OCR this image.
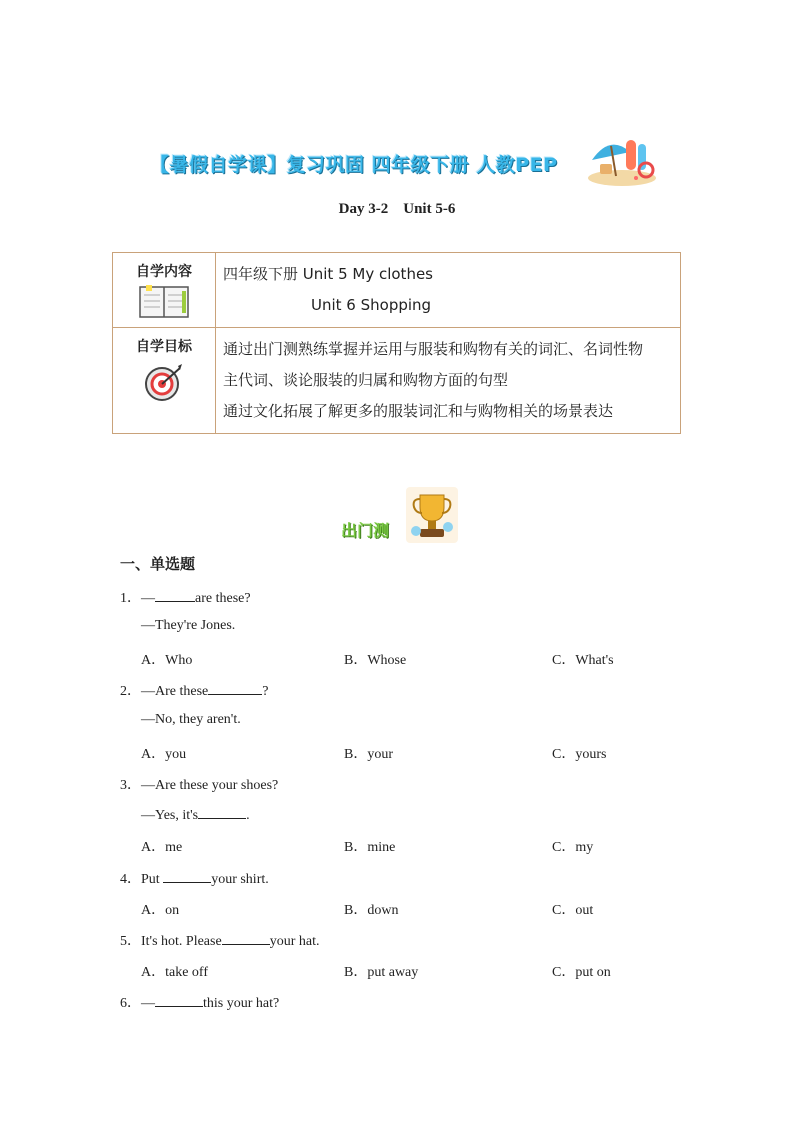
【暑假自学课】复习巩固 四年级下册 人教PEP
Day 3-2　Unit 5-6
自学内容	四年级下册 Unit 5 My clothes
Unit 6 Shopping

自学目标	通过出门测熟练掌握并运用与服装和购物有关的词汇、名词性物
主代词、谈论服装的归属和购物方面的句型
通过文化拓展了解更多的服装词汇和与购物相关的场景表达
出门测
一、单选题
1．—	are these?
—They're Jones.
A．Who	B．Whose	C．What's
2．—Are these	?
—No, they aren't.
A．you	B．your	C．yours
3．—Are these your shoes?
—Yes, it's	.
A．me	B．mine	C．my
4．Put	your shirt.
A．on	B．down	C．out
5．It's hot. Please	your hat.
A．take off	B．put away	C．put on
6．—	this your hat?
